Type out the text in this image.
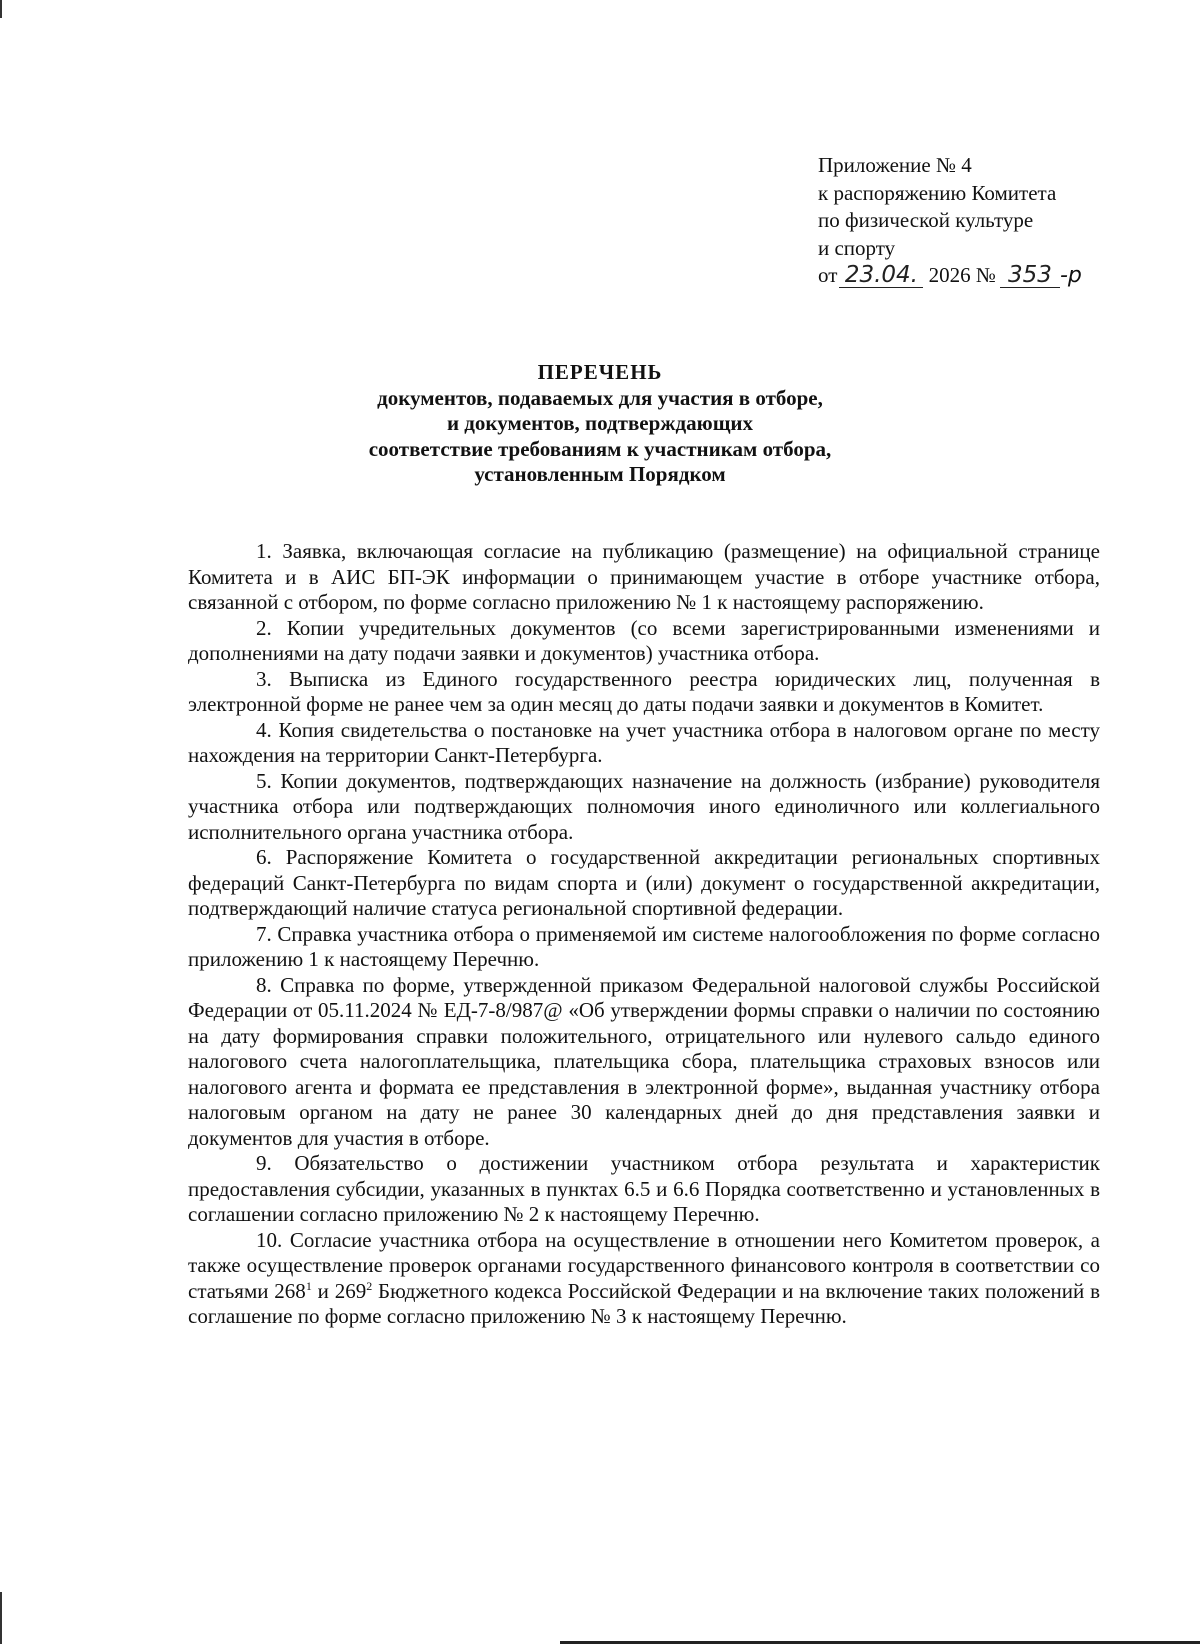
Приложение № 4
к распоряжению Комитета
по физической культуре
и спорту
от 23.04. 2026 № 353 -р
ПЕРЕЧЕНЬ
документов, подаваемых для участия в отборе,
и документов, подтверждающих
соответствие требованиям к участникам отбора,
установленным Порядком

1. Заявка, включающая согласие на публикацию (размещение) на официальной странице Комитета и в АИС БП-ЭК информации о принимающем участие в отборе участнике отбора, связанной с отбором, по форме согласно приложению № 1 к настоящему распоряжению.

2. Копии учредительных документов (со всеми зарегистрированными изменениями и дополнениями на дату подачи заявки и документов) участника отбора.

3. Выписка из Единого государственного реестра юридических лиц, полученная в электронной форме не ранее чем за один месяц до даты подачи заявки и документов в Комитет.

4. Копия свидетельства о постановке на учет участника отбора в налоговом органе по месту нахождения на территории Санкт-Петербурга.

5. Копии документов, подтверждающих назначение на должность (избрание) руководителя участника отбора или подтверждающих полномочия иного единоличного или коллегиального исполнительного органа участника отбора.

6. Распоряжение Комитета о государственной аккредитации региональных спортивных федераций Санкт-Петербурга по видам спорта и (или) документ о государственной аккредитации, подтверждающий наличие статуса региональной спортивной федерации.

7. Справка участника отбора о применяемой им системе налогообложения по форме согласно приложению 1 к настоящему Перечню.

8. Справка по форме, утвержденной приказом Федеральной налоговой службы Российской Федерации от 05.11.2024 № ЕД-7-8/987@ «Об утверждении формы справки о наличии по состоянию на дату формирования справки положительного, отрицательного или нулевого сальдо единого налогового счета налогоплательщика, плательщика сбора, плательщика страховых взносов или налогового агента и формата ее представления в электронной форме», выданная участнику отбора налоговым органом на дату не ранее 30 календарных дней до дня представления заявки и документов для участия в отборе.

9. Обязательство о достижении участником отбора результата и характеристик предоставления субсидии, указанных в пунктах 6.5 и 6.6 Порядка соответственно и установленных в соглашении согласно приложению № 2 к настоящему Перечню.

10. Согласие участника отбора на осуществление в отношении него Комитетом проверок, а также осуществление проверок органами государственного финансового контроля в соответствии со статьями $268^1$ и $269^2$ Бюджетного кодекса Российской Федерации и на включение таких положений в соглашение по форме согласно приложению № 3 к настоящему Перечню.
